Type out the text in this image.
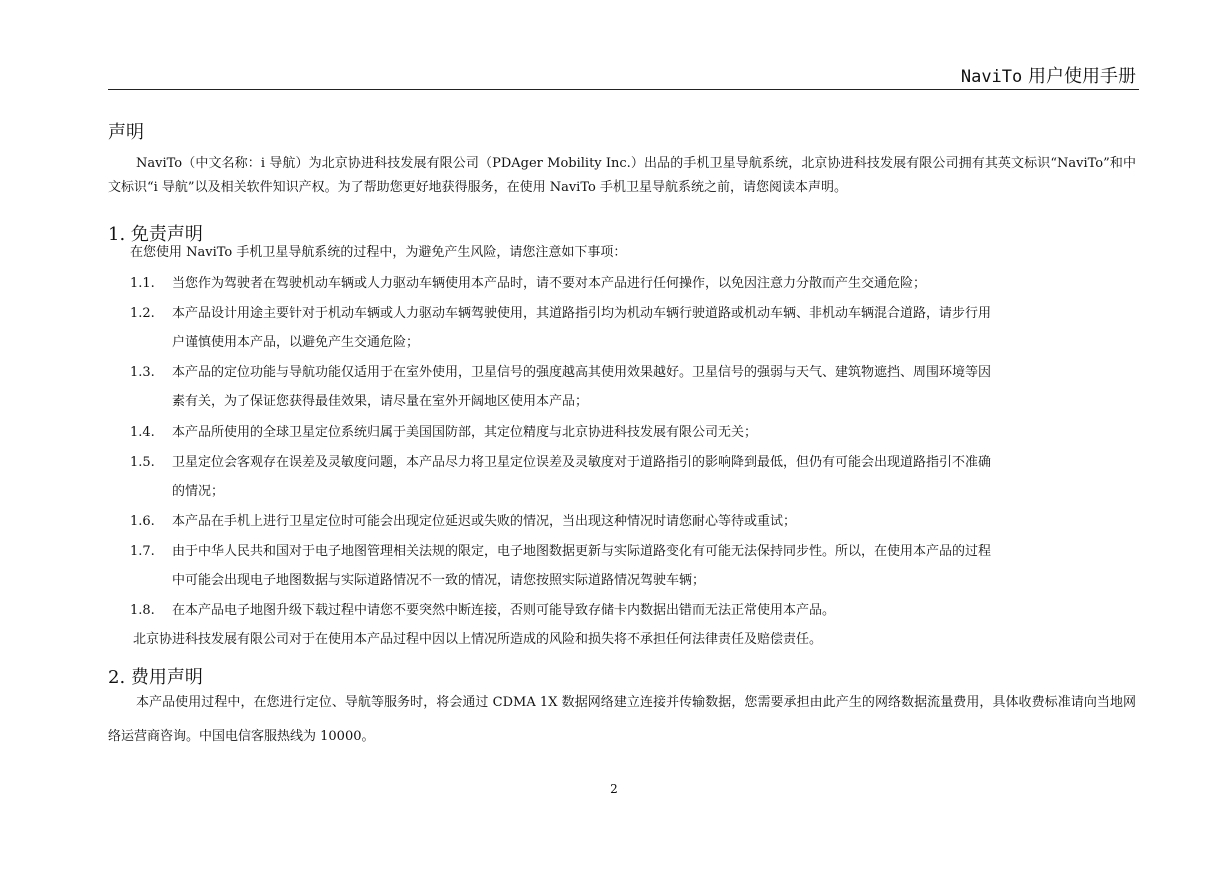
NaviTo 用户使用手册
声明
NaviTo（中文名称：i 导航）为北京协进科技发展有限公司（PDAger Mobility Inc.）出品的手机卫星导航系统，北京协进科技发展有限公司拥有其英文标识“NaviTo”和中文标识“i 导航”以及相关软件知识产权。为了帮助您更好地获得服务，在使用 NaviTo 手机卫星导航系统之前，请您阅读本声明。
1. 免责声明
在您使用 NaviTo 手机卫星导航系统的过程中，为避免产生风险，请您注意如下事项：
1.1. 当您作为驾驶者在驾驶机动车辆或人力驱动车辆使用本产品时，请不要对本产品进行任何操作，以免因注意力分散而产生交通危险；
1.2. 本产品设计用途主要针对于机动车辆或人力驱动车辆驾驶使用，其道路指引均为机动车辆行驶道路或机动车辆、非机动车辆混合道路，请步行用
户谨慎使用本产品，以避免产生交通危险；
1.3. 本产品的定位功能与导航功能仅适用于在室外使用，卫星信号的强度越高其使用效果越好。卫星信号的强弱与天气、建筑物遮挡、周围环境等因
素有关，为了保证您获得最佳效果，请尽量在室外开阔地区使用本产品；
1.4. 本产品所使用的全球卫星定位系统归属于美国国防部，其定位精度与北京协进科技发展有限公司无关；
1.5. 卫星定位会客观存在误差及灵敏度问题，本产品尽力将卫星定位误差及灵敏度对于道路指引的影响降到最低，但仍有可能会出现道路指引不准确
的情况；
1.6. 本产品在手机上进行卫星定位时可能会出现定位延迟或失败的情况，当出现这种情况时请您耐心等待或重试；
1.7. 由于中华人民共和国对于电子地图管理相关法规的限定，电子地图数据更新与实际道路变化有可能无法保持同步性。所以，在使用本产品的过程
中可能会出现电子地图数据与实际道路情况不一致的情况，请您按照实际道路情况驾驶车辆；
1.8. 在本产品电子地图升级下载过程中请您不要突然中断连接，否则可能导致存储卡内数据出错而无法正常使用本产品。
北京协进科技发展有限公司对于在使用本产品过程中因以上情况所造成的风险和损失将不承担任何法律责任及赔偿责任。
2. 费用声明
本产品使用过程中，在您进行定位、导航等服务时，将会通过 CDMA 1X 数据网络建立连接并传输数据，您需要承担由此产生的网络数据流量费用，具体收费标准请向当地网络运营商咨询。中国电信客服热线为 10000。
2
